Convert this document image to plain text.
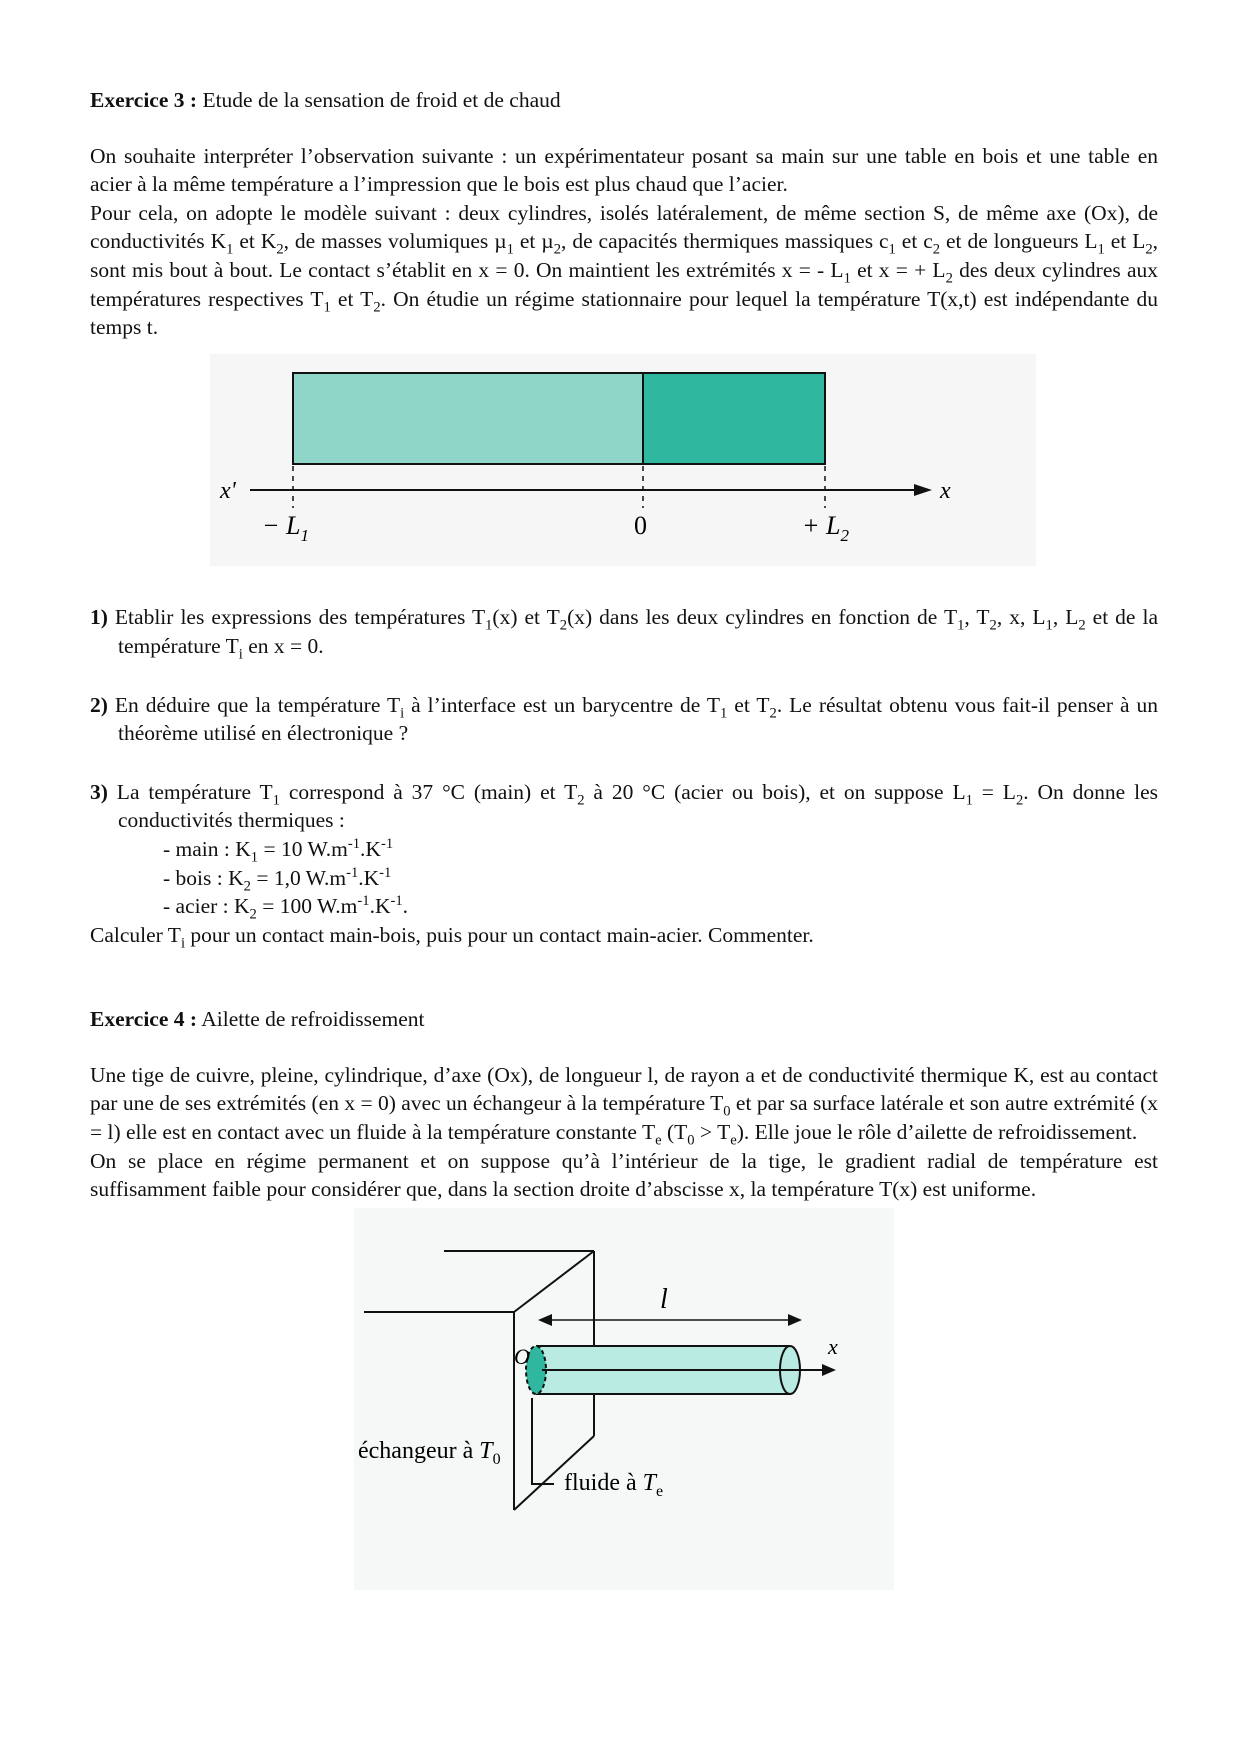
Exercice 3 : Etude de la sensation de froid et de chaud

On souhaite interpréter l’observation suivante : un expérimentateur posant sa main sur une table en bois et une table en acier à la même température a l’impression que le bois est plus chaud que l’acier.

Pour cela, on adopte le modèle suivant : deux cylindres, isolés latéralement, de même section S, de même axe (Ox), de conductivités $K_1$ et $K_2$, de masses volumiques µ$_1$ et µ$_2$, de capacités thermiques massiques $c_1$ et $c_2$ et de longueurs $L_1$ et $L_2$, sont mis bout à bout. Le contact s’établit en x = 0. On maintient les extrémités x = - $L_1$ et x = + $L_2$ des deux cylindres aux températures respectives $T_1$ et $T_2$. On étudie un régime stationnaire pour lequel la température T(x,t) est indépendante du temps t.

x'	x
− $L_1$	0	+ $L_2$

1) Etablir les expressions des températures $T_1(x)$ et $T_2(x)$ dans les deux cylindres en fonction de $T_1$, $T_2$, x, $L_1$, $L_2$ et de la température $T_i$ en x = 0.

2) En déduire que la température $T_i$ à l’interface est un barycentre de $T_1$ et $T_2$. Le résultat obtenu vous fait-il penser à un théorème utilisé en électronique ?

3) La température $T_1$ correspond à 37 °C (main) et $T_2$ à 20 °C (acier ou bois), et on suppose $L_1 = L_2$. On donne les conductivités thermiques :

- main : $K_1 = 10$ $W.m^{-1}.K^{-1}$
- bois : $K_2 = 1,0$ $W.m^{-1}.K^{-1}$
- acier : $K_2 = 100$ $W.m^{-1}.K^{-1}$.

Calculer $T_i$ pour un contact main-bois, puis pour un contact main-acier. Commenter.

Exercice 4 : Ailette de refroidissement

Une tige de cuivre, pleine, cylindrique, d’axe (Ox), de longueur l, de rayon a et de conductivité thermique K, est au contact par une de ses extrémités (en x = 0) avec un échangeur à la température $T_0$ et par sa surface latérale et son autre extrémité (x = l) elle est en contact avec un fluide à la température constante $T_e$ $(T_0 > T_e)$. Elle joue le rôle d’ailette de refroidissement.

On se place en régime permanent et on suppose qu’à l’intérieur de la tige, le gradient radial de température est suffisamment faible pour considérer que, dans la section droite d’abscisse x, la température T(x) est uniforme.

x
O
l
échangeur à $T_0$
fluide à $T_e$
